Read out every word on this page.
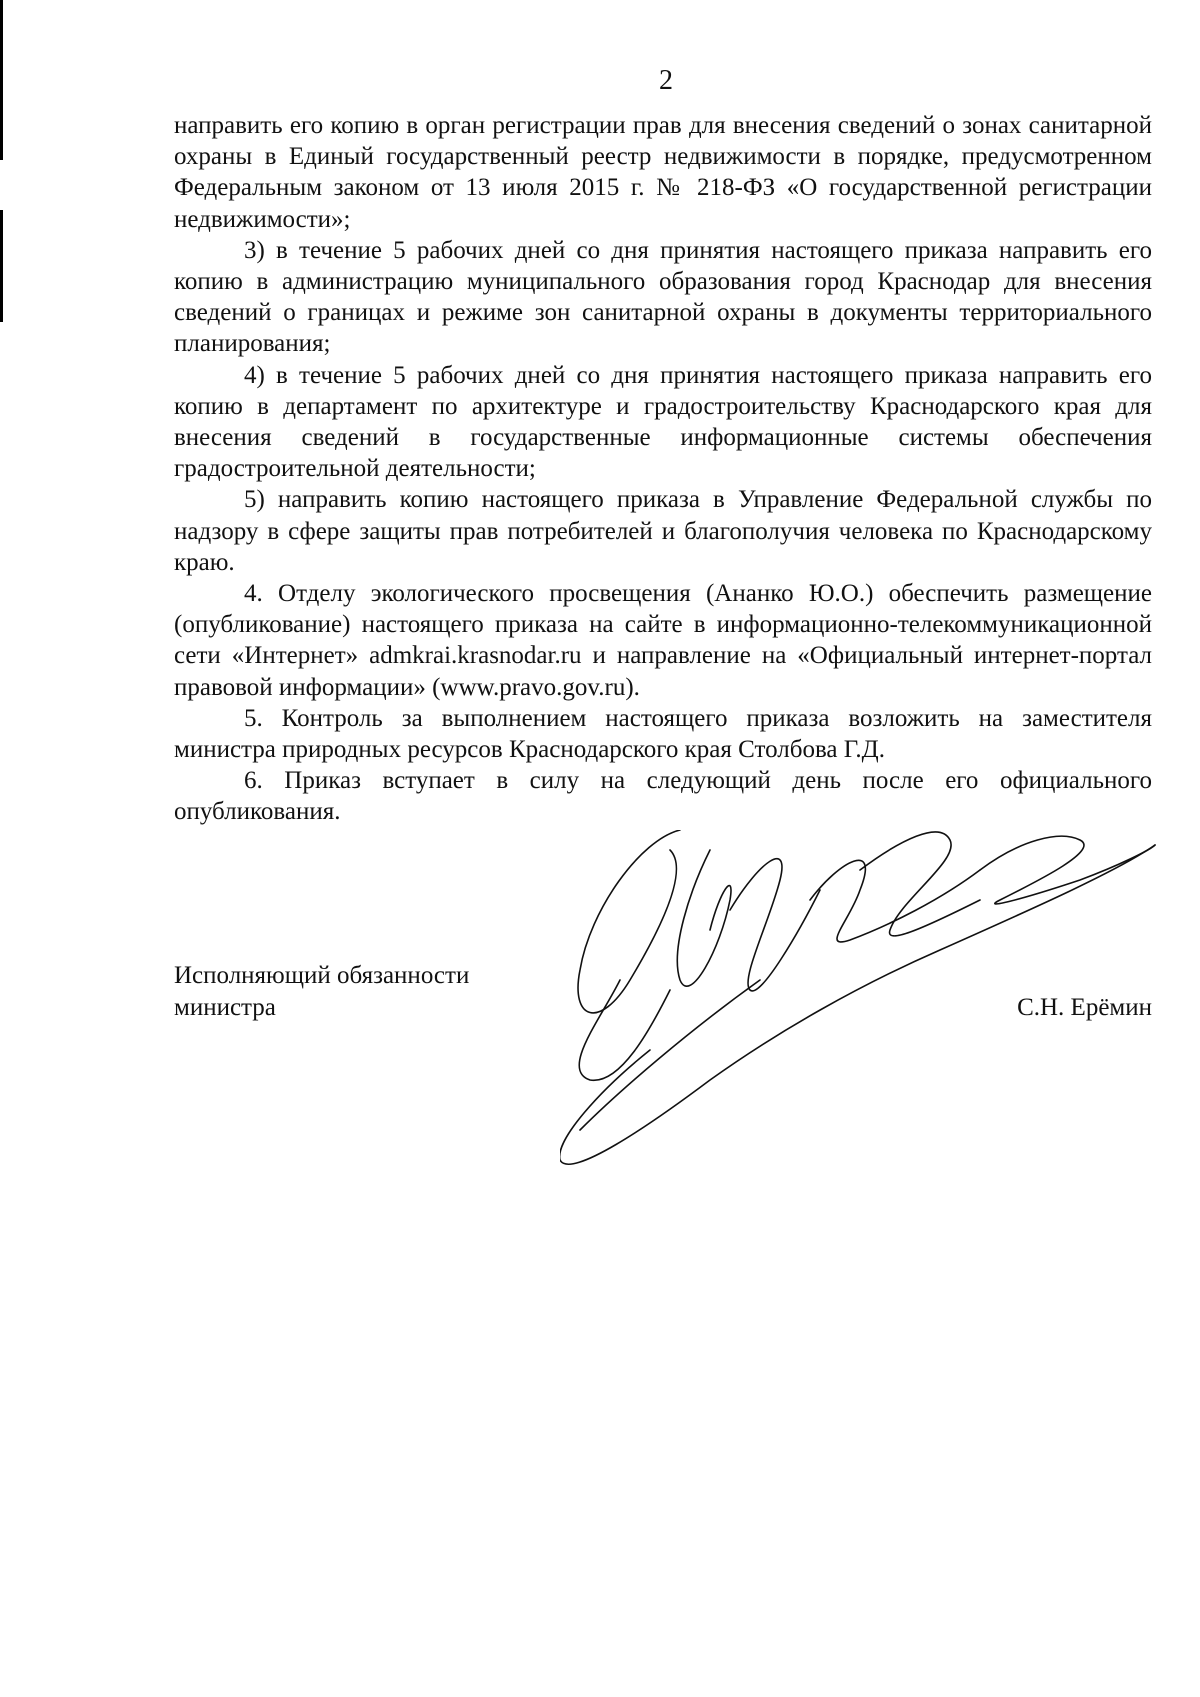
2

направить его копию в орган регистрации прав для внесения сведений о зонах санитарной охраны в Единый государственный реестр недвижимости в порядке, предусмотренном Федеральным законом от 13 июля 2015 г. № 218-ФЗ «О государственной регистрации недвижимости»;

3) в течение 5 рабочих дней со дня принятия настоящего приказа направить его копию в администрацию муниципального образования город Краснодар для внесения сведений о границах и режиме зон санитарной охраны в документы территориального планирования;

4) в течение 5 рабочих дней со дня принятия настоящего приказа направить его копию в департамент по архитектуре и градостроительству Краснодарского края для внесения сведений в государственные информационные системы обеспечения градостроительной деятельности;

5) направить копию настоящего приказа в Управление Федеральной службы по надзору в сфере защиты прав потребителей и благополучия человека по Краснодарскому краю.

4. Отделу экологического просвещения (Ананко Ю.О.) обеспечить размещение (опубликование) настоящего приказа на сайте в информационно-телекоммуникационной сети «Интернет» admkrai.krasnodar.ru и направление на «Официальный интернет-портал правовой информации» (www.pravo.gov.ru).

5. Контроль за выполнением настоящего приказа возложить на заместителя министра природных ресурсов Краснодарского края Столбова Г.Д.

6. Приказ вступает в силу на следующий день после его официального опубликования.

Исполняющий обязанности
министра	С.Н. Ерёмин
